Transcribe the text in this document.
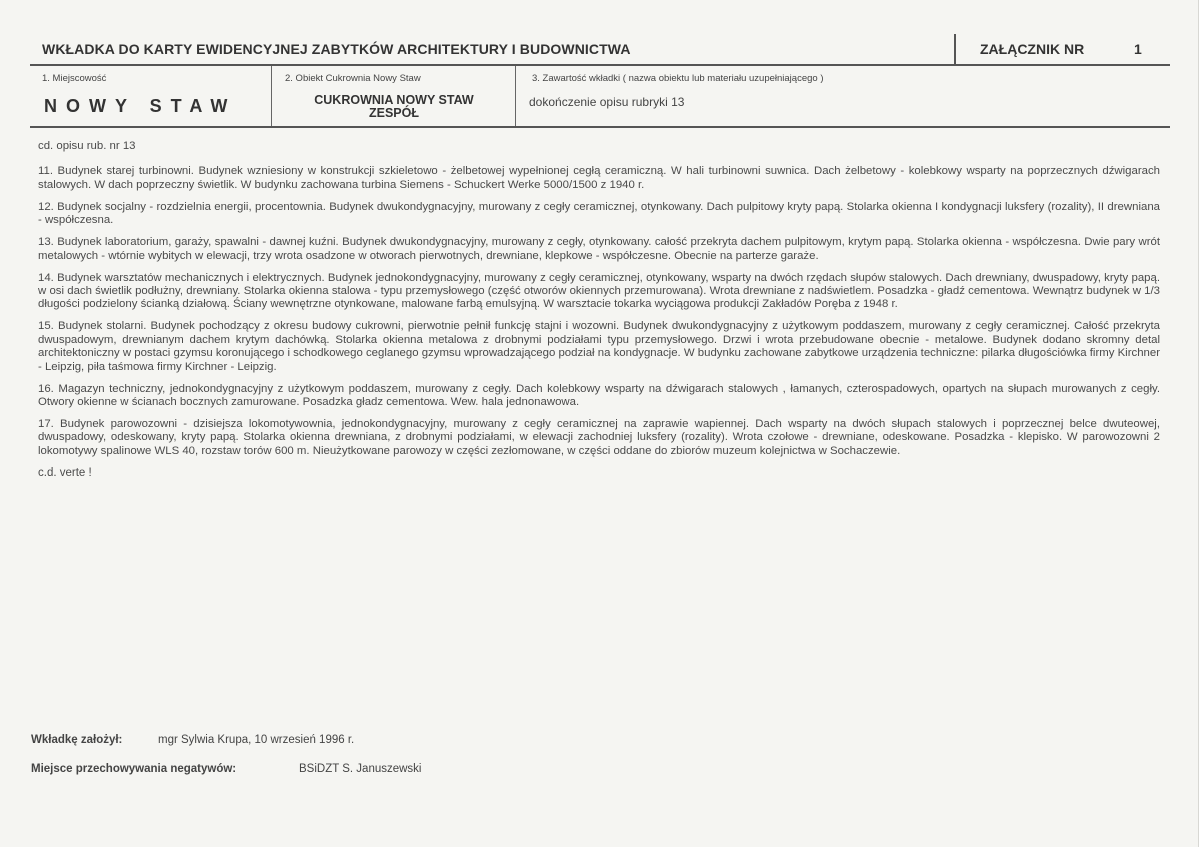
WKŁADKA DO KARTY EWIDENCYJNEJ ZABYTKÓW ARCHITEKTURY I BUDOWNICTWA	ZAŁĄCZNIK NR	1
1. Miejscowość
NOWY STAW
2. Obiekt Cukrownia Nowy Staw
CUKROWNIA NOWY STAW
ZESPÓŁ
3. Zawartość wkładki ( nazwa obiektu lub materiału uzupełniającego )
dokończenie opisu rubryki 13
cd. opisu rub. nr 13

11. Budynek starej turbinowni. Budynek wzniesiony w konstrukcji szkieletowo - żelbetowej wypełnionej cegłą ceramiczną. W hali turbinowni suwnica. Dach żelbetowy - kolebkowy wsparty na poprzecznych dźwigarach stalowych. W dach poprzeczny świetlik. W budynku zachowana turbina Siemens - Schuckert Werke 5000/1500 z 1940 r.

12. Budynek socjalny - rozdzielnia energii, procentownia. Budynek dwukondygnacyjny, murowany z cegły ceramicznej, otynkowany. Dach pulpitowy kryty papą. Stolarka okienna I kondygnacji luksfery (rozality), II drewniana - współczesna.

13. Budynek laboratorium, garaży, spawalni - dawnej kuźni. Budynek dwukondygnacyjny, murowany z cegły, otynkowany. całość przekryta dachem pulpitowym, krytym papą. Stolarka okienna - współczesna. Dwie pary wrót metalowych - wtórnie wybitych w elewacji, trzy wrota osadzone w otworach pierwotnych, drewniane, klepkowe - współczesne. Obecnie na parterze garaże.

14. Budynek warsztatów mechanicznych i elektrycznych. Budynek jednokondygnacyjny, murowany z cegły ceramicznej, otynkowany, wsparty na dwóch rzędach słupów stalowych. Dach drewniany, dwuspadowy, kryty papą. w osi dach świetlik podłużny, drewniany. Stolarka okienna stalowa - typu przemysłowego (część otworów okiennych przemurowana). Wrota drewniane z nadświetlem. Posadzka - gładź cementowa. Wewnątrz budynek w 1/3 długości podzielony ścianką działową. Ściany wewnętrzne otynkowane, malowane farbą emulsyjną. W warsztacie tokarka wyciągowa produkcji Zakładów Poręba z 1948 r.

15. Budynek stolarni. Budynek pochodzący z okresu budowy cukrowni, pierwotnie pełnił funkcję stajni i wozowni. Budynek dwukondygnacyjny z użytkowym poddaszem, murowany z cegły ceramicznej. Całość przekryta dwuspadowym, drewnianym dachem krytym dachówką. Stolarka okienna metalowa z drobnymi podziałami typu przemysłowego. Drzwi i wrota przebudowane obecnie - metalowe. Budynek dodano skromny detal architektoniczny w postaci gzymsu koronującego i schodkowego ceglanego gzymsu wprowadzającego podział na kondygnacje. W budynku zachowane zabytkowe urządzenia techniczne: pilarka długościówka firmy Kirchner - Leipzig, piła taśmowa firmy Kirchner - Leipzig.

16. Magazyn techniczny, jednokondygnacyjny z użytkowym poddaszem, murowany z cegły. Dach kolebkowy wsparty na dźwigarach stalowych , łamanych, czterospadowych, opartych na słupach murowanych z cegły. Otwory okienne w ścianach bocznych zamurowane. Posadzka gładz cementowa. Wew. hala jednonawowa.

17. Budynek parowozowni - dzisiejsza lokomotywownia, jednokondygnacyjny, murowany z cegły ceramicznej na zaprawie wapiennej. Dach wsparty na dwóch słupach stalowych i poprzecznej belce dwuteowej, dwuspadowy, odeskowany, kryty papą. Stolarka okienna drewniana, z drobnymi podziałami, w elewacji zachodniej luksfery (rozality). Wrota czołowe - drewniane, odeskowane. Posadzka - klepisko. W parowozowni 2 lokomotywy spalinowe WLS 40, rozstaw torów 600 m. Nieużytkowane parowozy w części zezłomowane, w części oddane do zbiorów muzeum kolejnictwa w Sochaczewie.

c.d. verte !
Wkładkę założył:	mgr Sylwia Krupa, 10 wrzesień 1996 r.
Miejsce przechowywania negatywów:	BSiDZT S. Januszewski
